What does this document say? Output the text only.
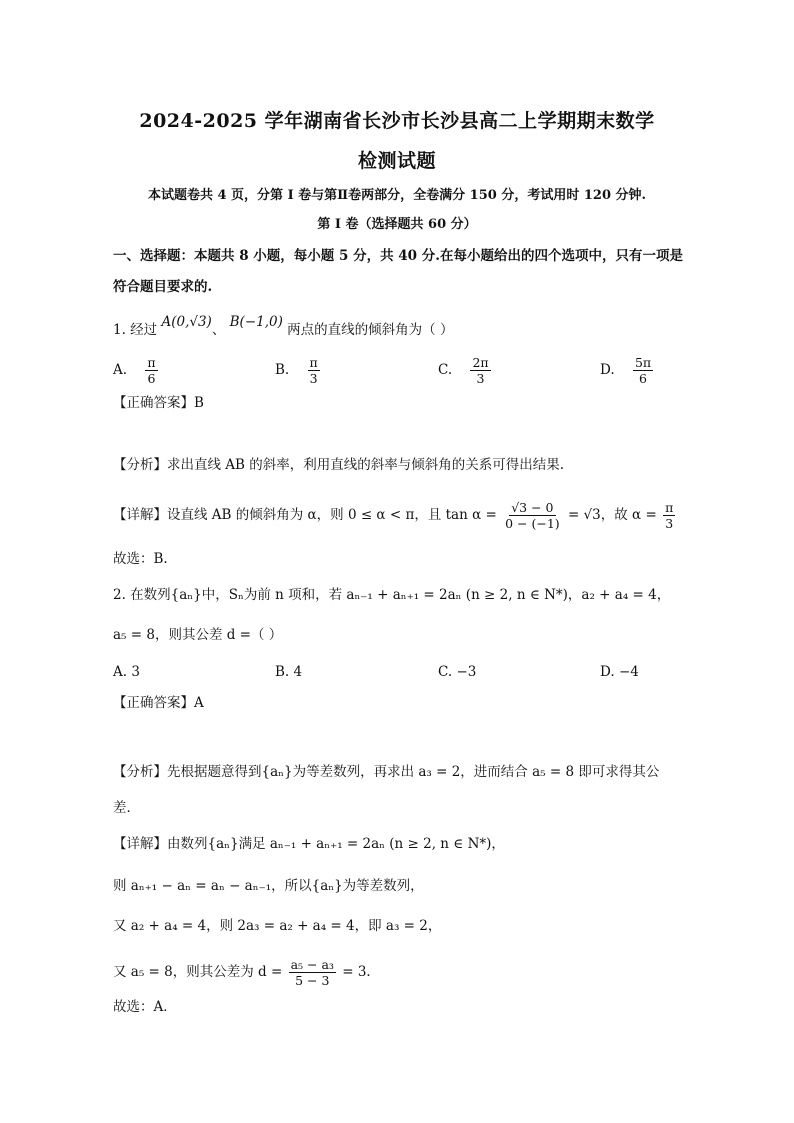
2024-2025 学年湖南省长沙市长沙县高二上学期期末数学
检测试题
本试题卷共 4 页，分第 I 卷与第Ⅱ卷两部分，全卷满分 150 分，考试用时 120 分钟.
第 I 卷（选择题共 60 分）
一、选择题：本题共 8 小题，每小题 5 分，共 40 分.在每小题给出的四个选项中，只有一项是
符合题目要求的.
1. 经过 A(0,√3)、 B(−1,0) 两点的直线的倾斜角为（ ）
A. $\frac{\pi}{6}$	B. $\frac{\pi}{3}$	C. $\frac{2\pi}{3}$	D. $\frac{5\pi}{6}$
【正确答案】B
【分析】求出直线 AB 的斜率，利用直线的斜率与倾斜角的关系可得出结果.
【详解】设直线 AB 的倾斜角为 α，则 0 ≤ α < π，且 $\tan \alpha = \frac{√3 - 0}{0 - (-1)} = √3$，故 $\alpha = \frac{\pi}{3}$
故选：B.
2. 在数列{aₙ}中，Sₙ为前 n 项和，若 aₙ₋₁ + aₙ₊₁ = 2aₙ (n ≥ 2, n ∈ N*)，a₂ + a₄ = 4，
a₅ = 8，则其公差 d =（ ）
A. 3	B. 4	C. −3	D. −4
【正确答案】A
【分析】先根据题意得到{aₙ}为等差数列，再求出 a₃ = 2，进而结合 a₅ = 8 即可求得其公
差．
【详解】由数列{aₙ}满足 aₙ₋₁ + aₙ₊₁ = 2aₙ (n ≥ 2, n ∈ N*)，
则 aₙ₊₁ − aₙ = aₙ − aₙ₋₁，所以{aₙ}为等差数列，
又 a₂ + a₄ = 4，则 2a₃ = a₂ + a₄ = 4，即 a₃ = 2，
又 a₅ = 8，则其公差为 $d = \frac{\text{a₅ − a₃}}{5 - 3} = 3$．
故选：A．
